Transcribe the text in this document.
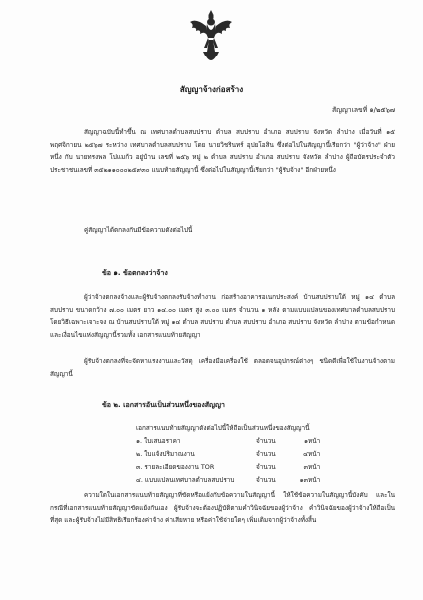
สัญญาจ้างก่อสร้าง
สัญญาเลขที่ ๑/๒๕๖๗
สัญญาฉบับนี้ทำขึ้น ณ เทศบาลตำบลสบปราบ ตำบล สบปราบ อำเภอ สบปราบ จังหวัด ลำปาง เมื่อวันที่ ๑๕ พฤศจิกายน ๒๕๖๗ ระหว่าง เทศบาลตำบลสบปราบ โดย นายวิชรินทร์ อุปยโอสิน ซึ่งต่อไปในสัญญานี้เรียกว่า "ผู้ว่าจ้าง" ฝ่ายหนึ่ง กับ นายทรงพล โปแมก้ว อยู่บ้าน เลขที่ ๒๕๖ หมู่ ๒ ตำบล สบปราบ อำเภอ สบปราบ จังหวัด ลำปาง ผู้ถือบัตรประจำตัวประชาชนเลขที่ ๓๕๒๑๑๐๐๐๒๕๙๓๐ แนบท้ายสัญญานี้ ซึ่งต่อไปในสัญญานี้เรียกว่า "ผู้รับจ้าง" อีกฝ่ายหนึ่ง
คู่สัญญาได้ตกลงกันมีข้อความดังต่อไปนี้
ข้อ ๑. ข้อตกลงว่าจ้าง
ผู้ว่าจ้างตกลงจ้างและผู้รับจ้างตกลงรับจ้างทำงาน ก่อสร้างอาคารอเนกประสงค์ บ้านสบปราบใต้ หมู่ ๑๔ ตำบลสบปราบ ขนาดกว้าง ๗.๐๐ เมตร ยาว ๑๔.๐๐ เมตร สูง ๓.๐๐ เมตร จำนวน ๑ หลัง ตามแบบแปลนของเทศบาลตำบลสบปราบ โดยวิธีเฉพาะเจาะจง ณ บ้านสบปราบใต้ หมู่ ๑๔ ตำบล สบปราบ ตำบล สบปราบ อำเภอ สบปราบ จังหวัด ลำปาง ตามข้อกำหนดและเงื่อนไขแห่งสัญญานี้รวมทั้ง เอกสารแนบท้ายสัญญา
ผู้รับจ้างตกลงที่จะจัดหาแรงงานและวัสดุ เครื่องมือเครื่องใช้ ตลอดจนอุปกรณ์ต่างๆ ชนิดดีเพื่อใช้ในงานจ้างตามสัญญานี้
ข้อ ๒. เอกสารอันเป็นส่วนหนึ่งของสัญญา
เอกสารแนบท้ายสัญญาดังต่อไปนี้ให้ถือเป็นส่วนหนึ่งของสัญญานี้
๑. ใบเสนอราคา	จำนวน	๑	หน้า
๒. ใบแจ้งปริมาณงาน	จำนวน	๔	หน้า
๓. รายละเอียดของงาน TOR	จำนวน	๓	หน้า
๔. แบบแปลนเทศบาลตำบลสบปราบ	จำนวน	๑๓	หน้า
ความใดในเอกสารแนบท้ายสัญญาที่ขัดหรือแย้งกับข้อความในสัญญานี้ ให้ใช้ข้อความในสัญญานี้บังคับ และในกรณีที่เอกสารแนบท้ายสัญญาขัดแย้งกันเอง ผู้รับจ้างจะต้องปฏิบัติตามคำวินิจฉัยของผู้ว่าจ้าง คำวินิจฉัยของผู้ว่าจ้างให้ถือเป็นที่สุด และผู้รับจ้างไม่มีสิทธิเรียกร้องค่าจ้าง ค่าเสียหาย หรือค่าใช้จ่ายใดๆ เพิ่มเติมจากผู้ว่าจ้างทั้งสิ้น
